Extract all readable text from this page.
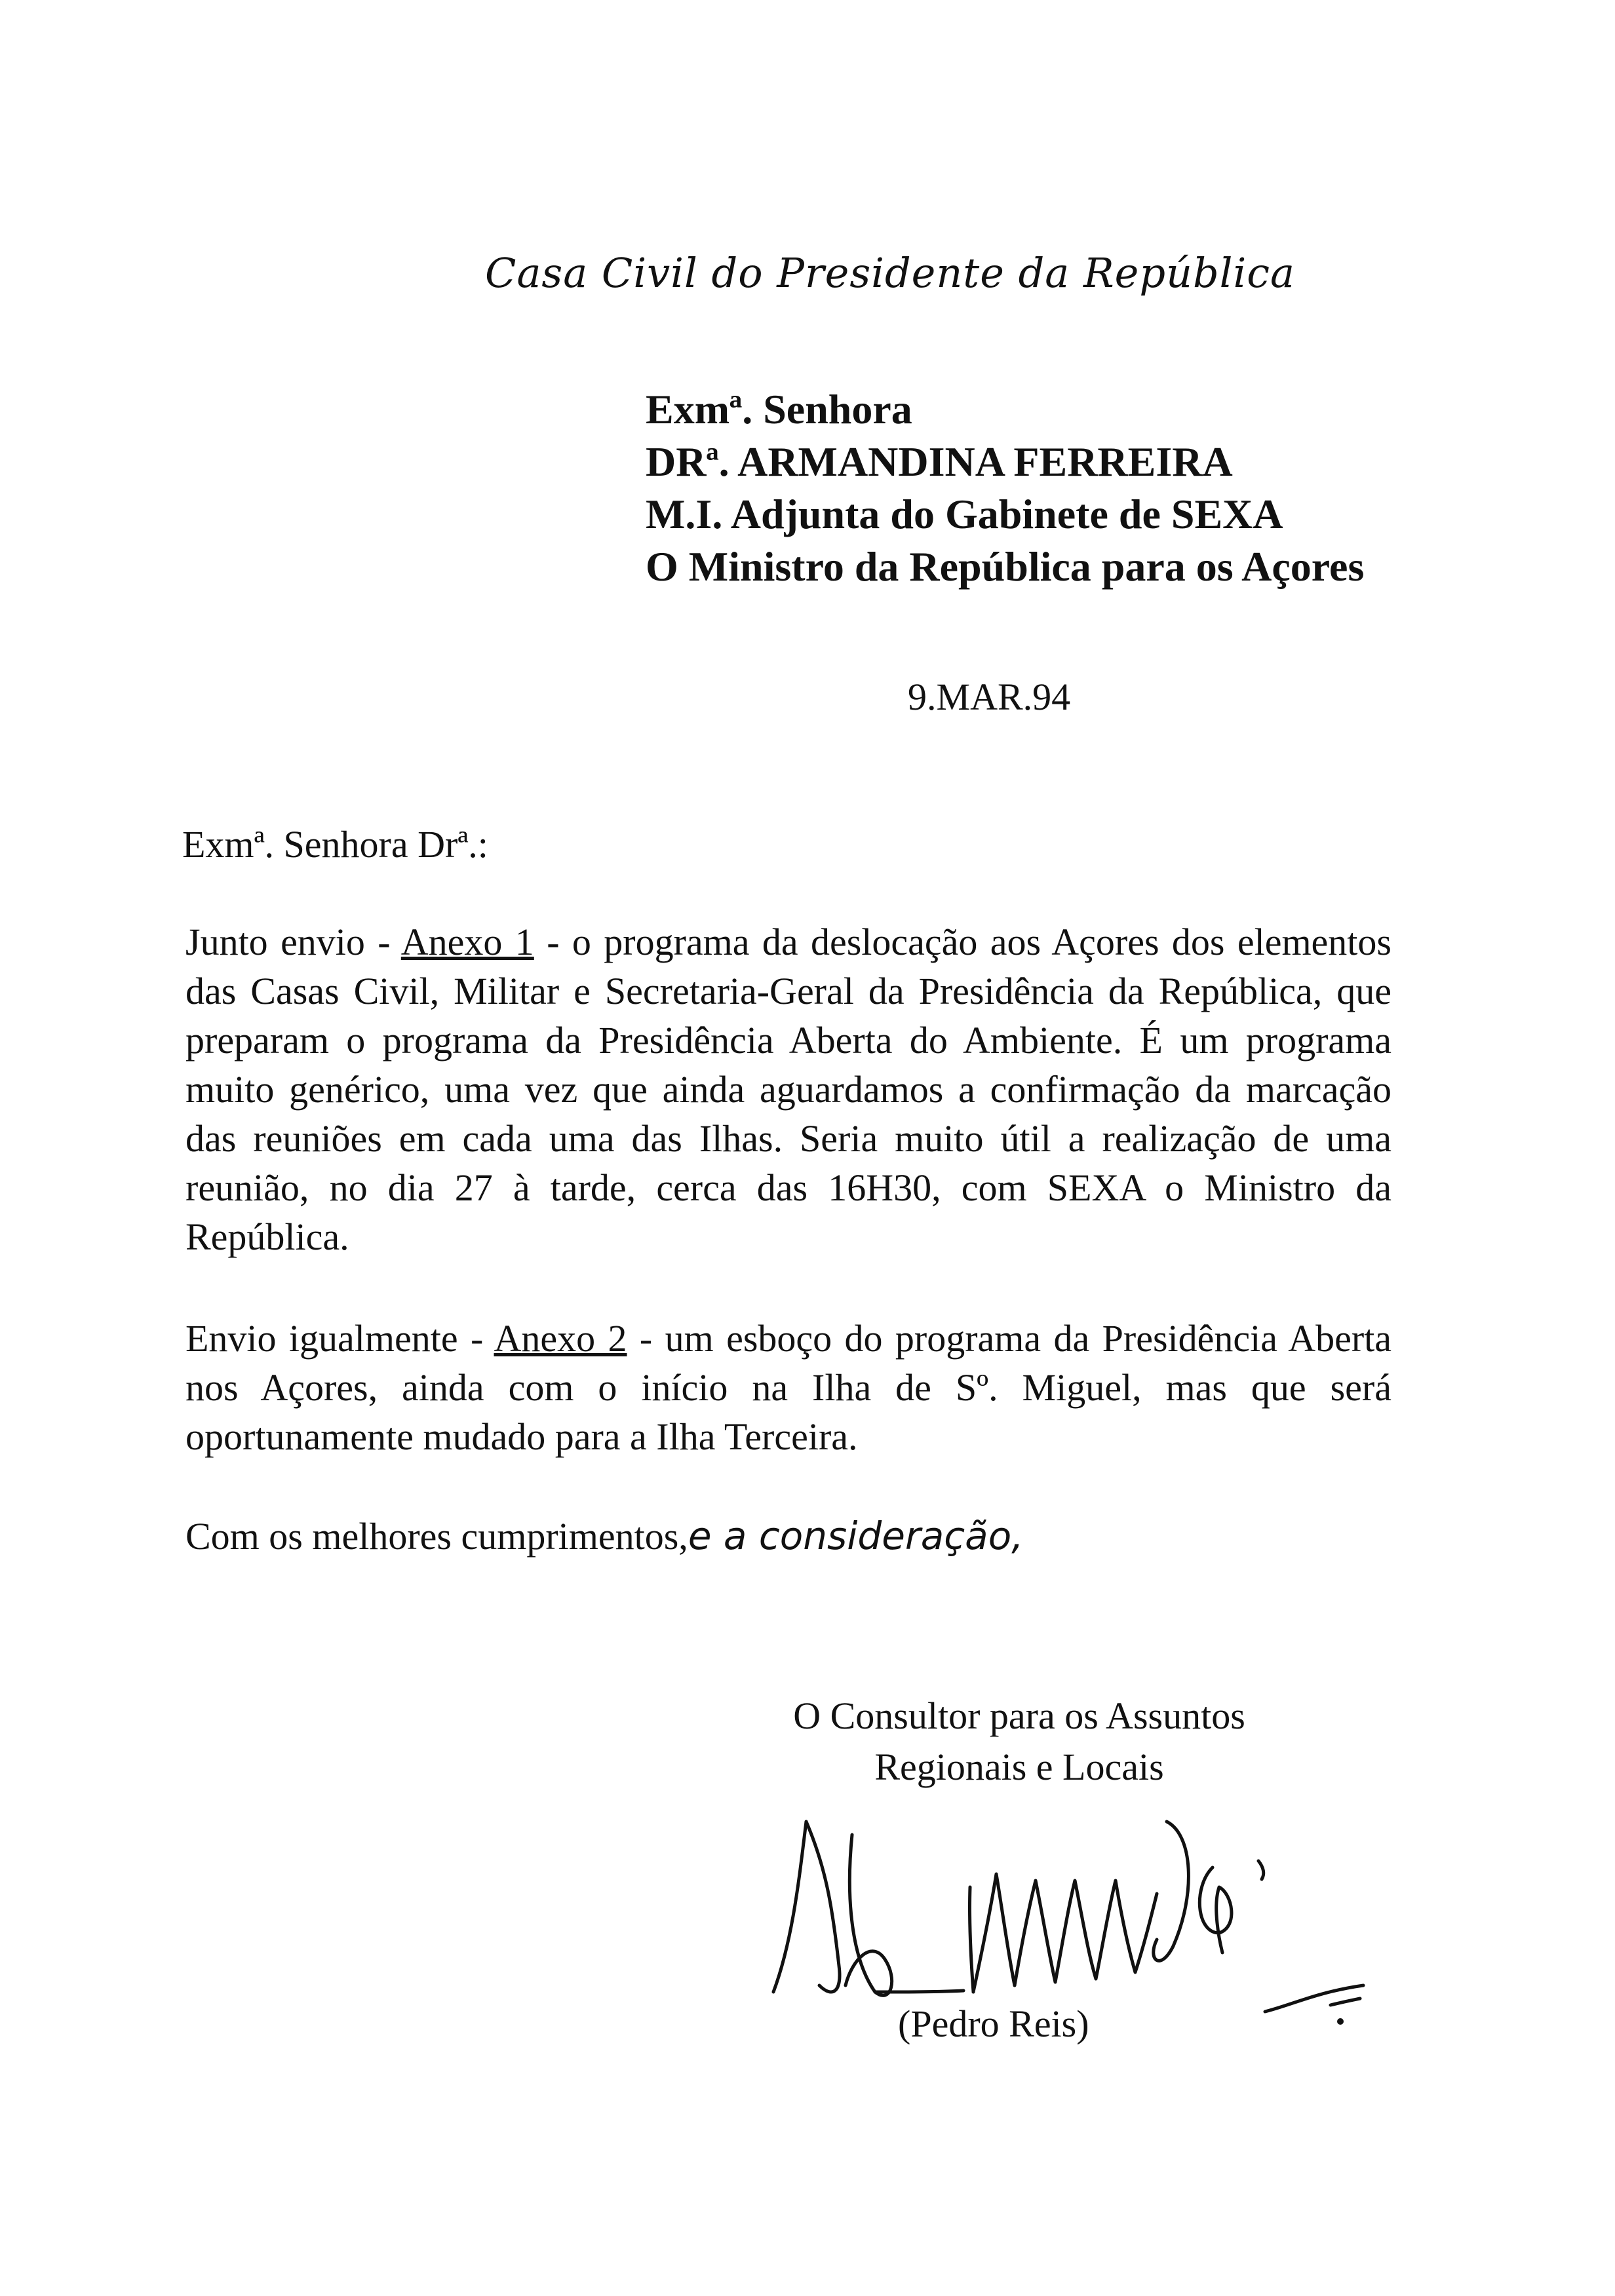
Casa Civil do Presidente da República
Exmª. Senhora
DRª. ARMANDINA FERREIRA
M.I. Adjunta do Gabinete de SEXA
O Ministro da República para os Açores
9.MAR.94
Exmª. Senhora Drª.:
Junto envio - Anexo 1 - o programa da deslocação aos Açores dos elementos das Casas Civil, Militar e Secretaria-Geral da Presidência da República, que preparam o programa da Presidência Aberta do Ambiente. É um programa muito genérico, uma vez que ainda aguardamos a confirmação da marcação das reuniões em cada uma das Ilhas. Seria muito útil a realização de uma reunião, no dia 27 à tarde, cerca das 16H30, com SEXA o Ministro da República.
Envio igualmente - Anexo 2 - um esboço do programa da Presidência Aberta nos Açores, ainda com o início na Ilha de Sº. Miguel, mas que será oportunamente mudado para a Ilha Terceira.
Com os melhores cumprimentos,e a consideração,
O Consultor para os Assuntos
Regionais e Locais
(Pedro Reis)
